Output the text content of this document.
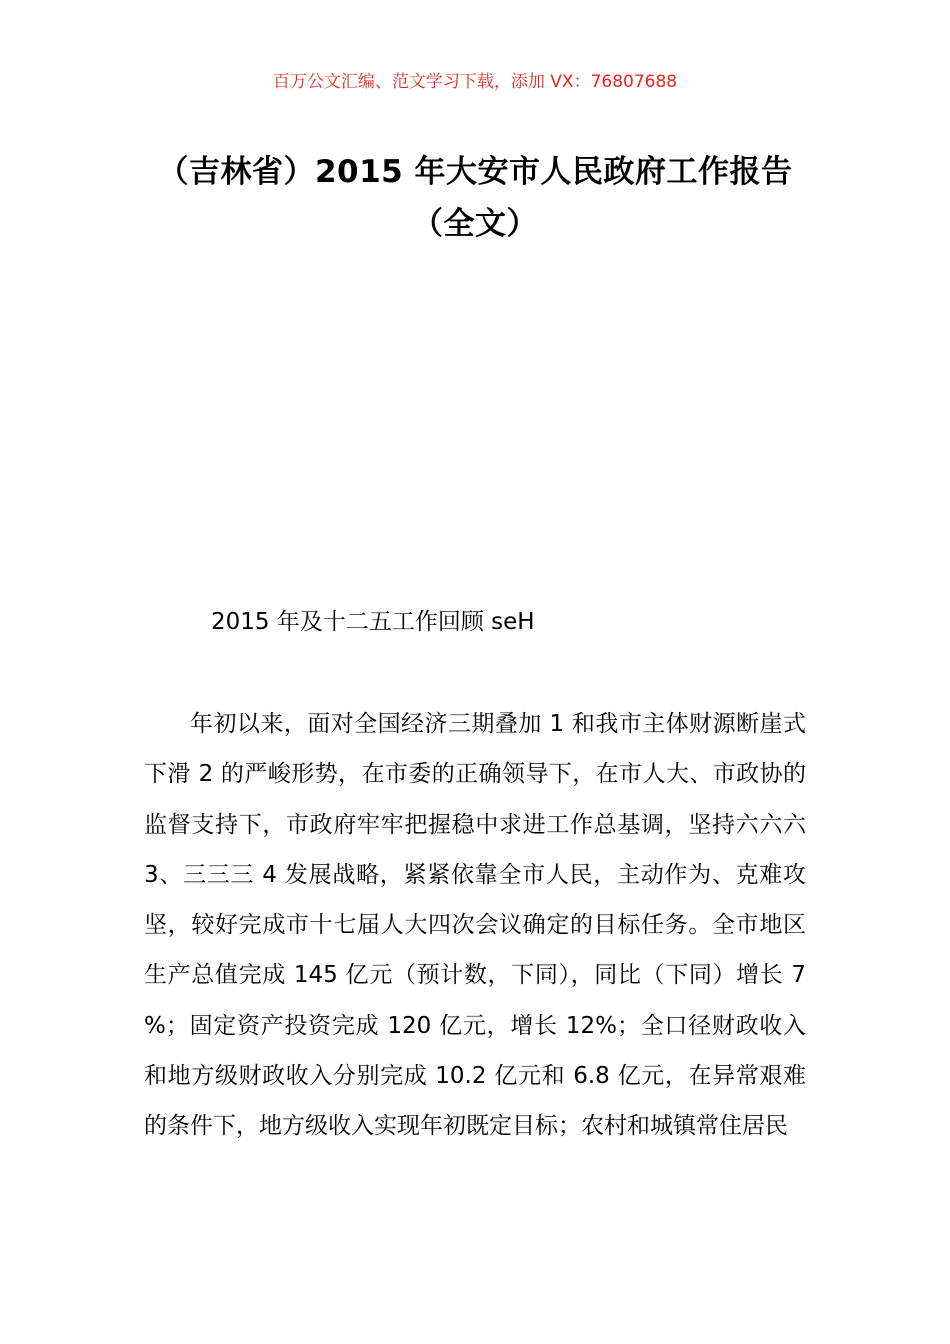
百万公文汇编、范文学习下载，添加 VX：76807688
（吉林省）2015 年大安市人民政府工作报告（全文）
2015 年及十二五工作回顾 seH

年初以来，面对全国经济三期叠加 1 和我市主体财源断崖式下滑 2 的严峻形势，在市委的正确领导下，在市人大、市政协的监督支持下，市政府牢牢把握稳中求进工作总基调，坚持六六六 3、三三三 4 发展战略，紧紧依靠全市人民，主动作为、克难攻坚，较好完成市十七届人大四次会议确定的目标任务。全市地区生产总值完成 145 亿元（预计数，下同），同比（下同）增长 7 %；固定资产投资完成 120 亿元，增长 12%；全口径财政收入和地方级财政收入分别完成 10.2 亿元和 6.8 亿元，在异常艰难的条件下，地方级收入实现年初既定目标；农村和城镇常住居民
